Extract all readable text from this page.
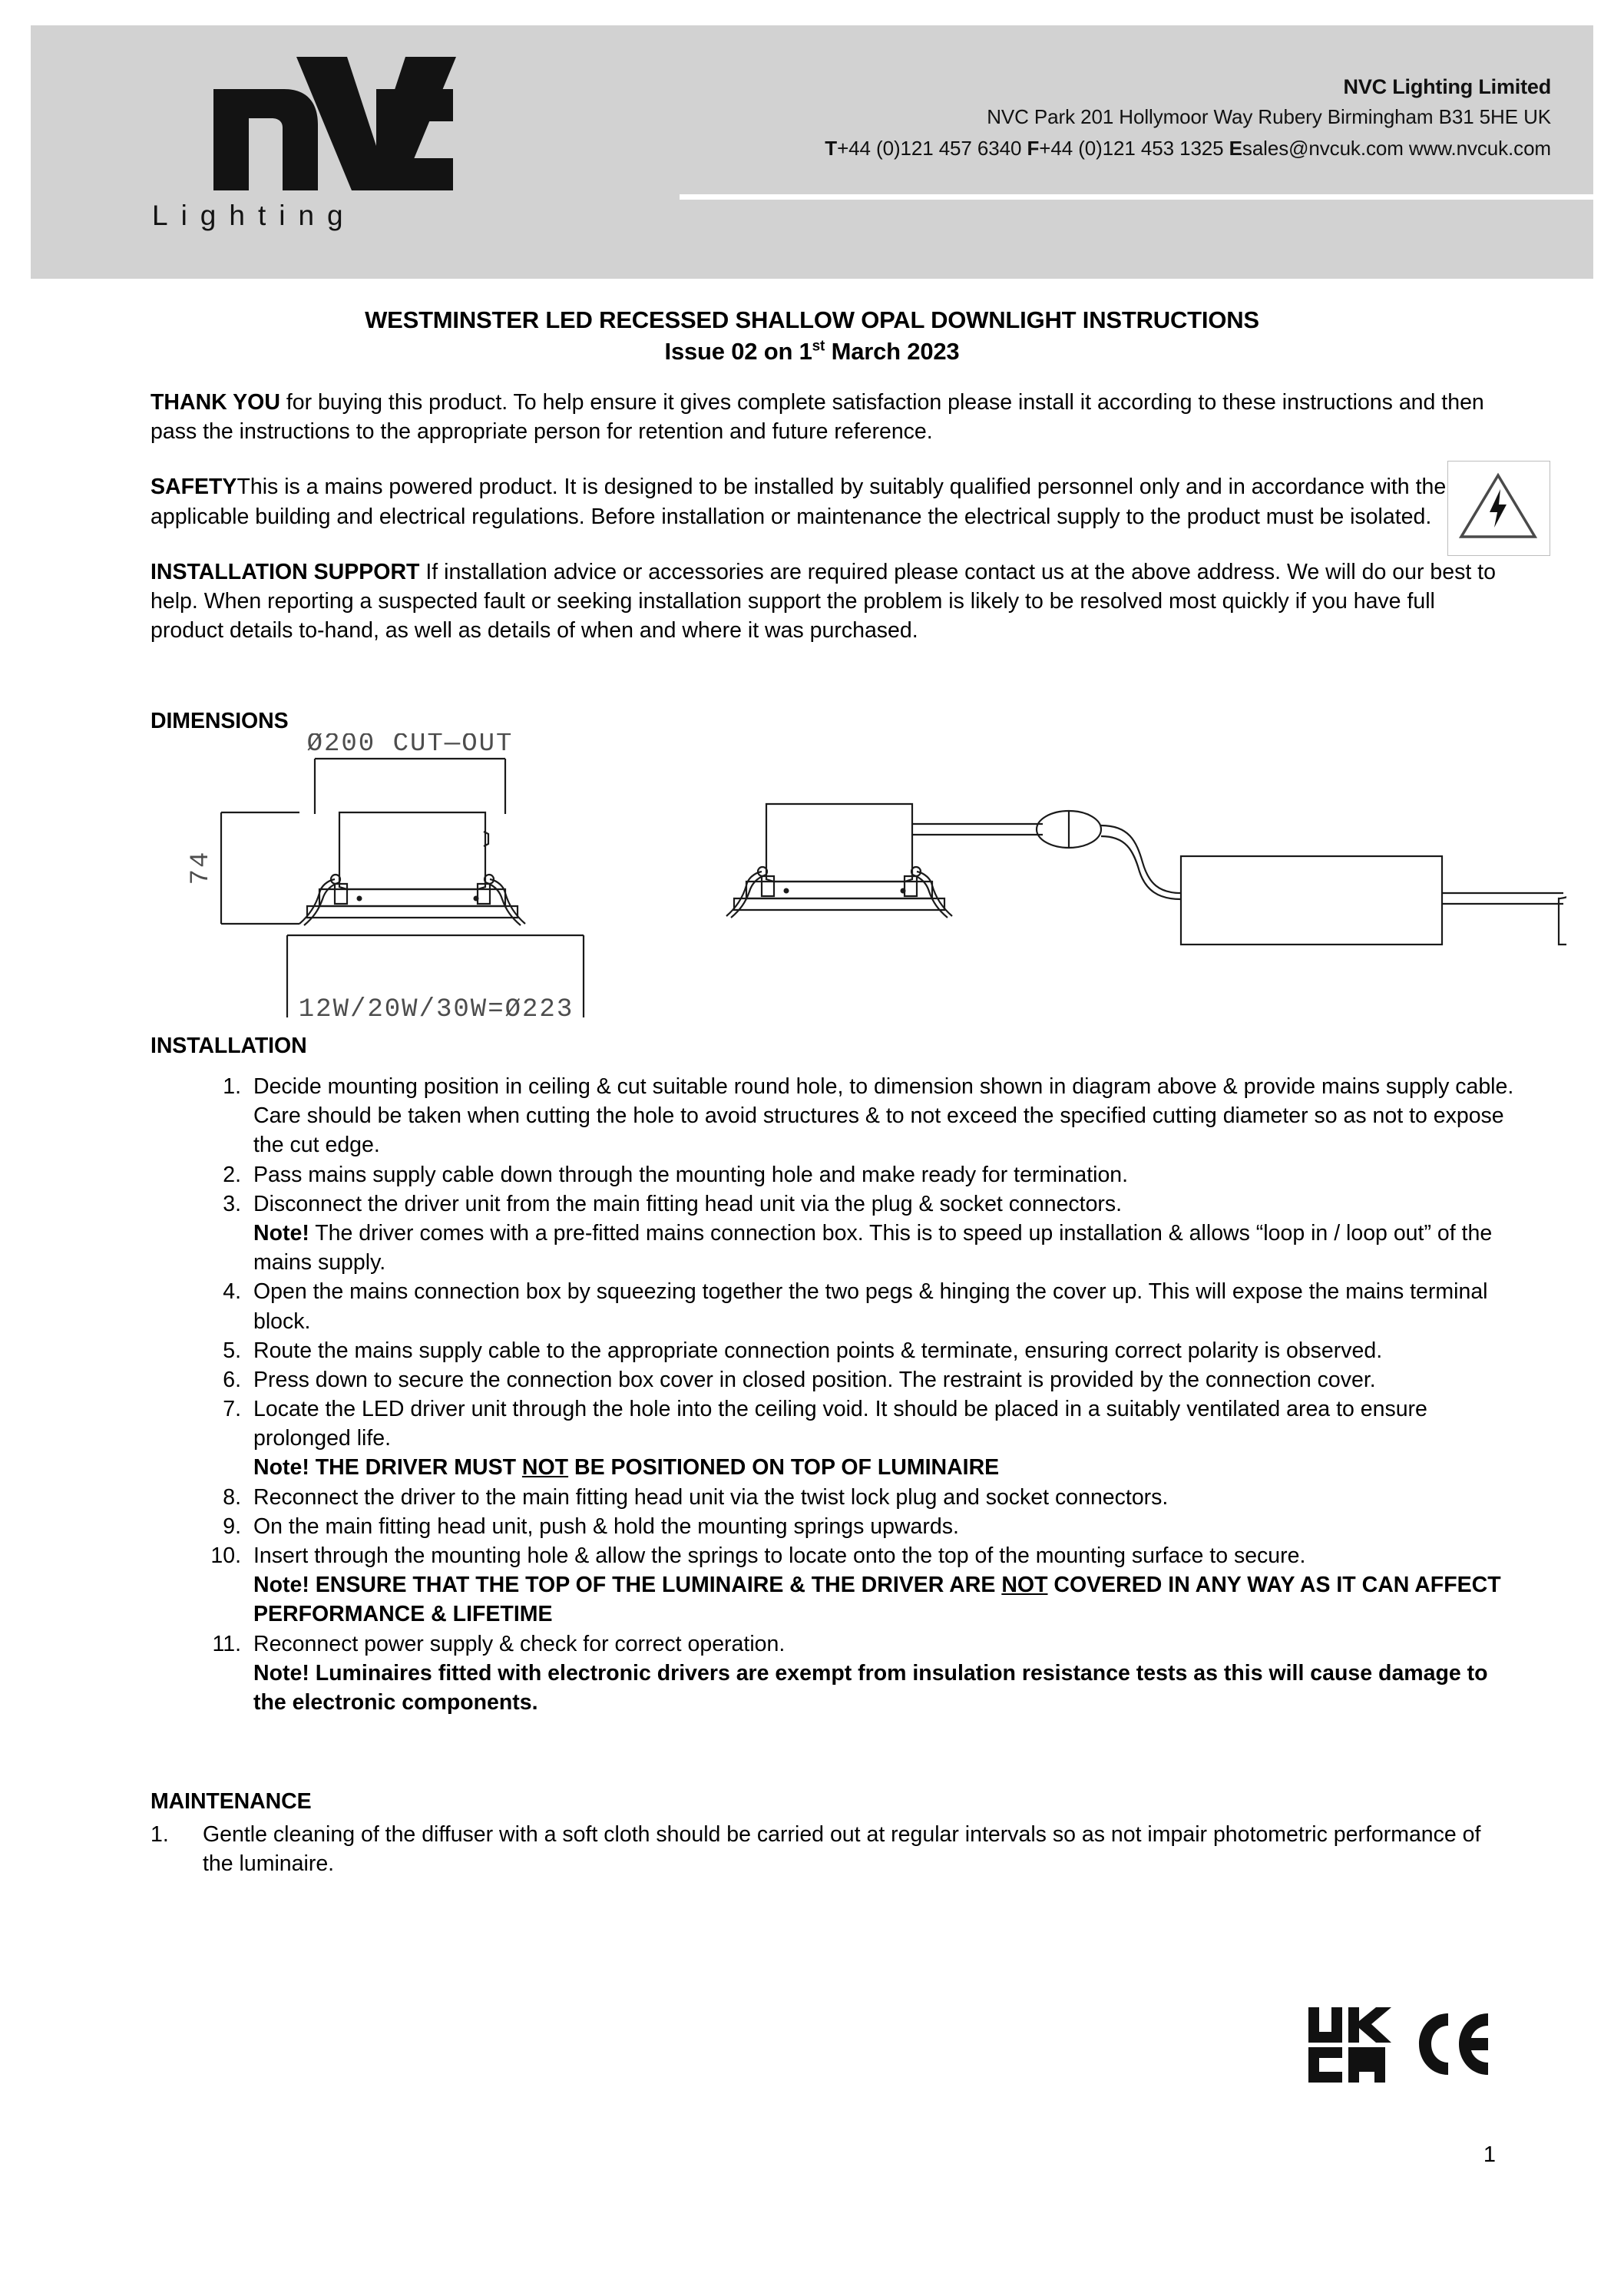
Lighting
NVC Lighting Limited
NVC Park 201 Hollymoor Way Rubery Birmingham B31 5HE UK
T+44 (0)121 457 6340 F+44 (0)121 453 1325 Esales@nvcuk.com www.nvcuk.com
WESTMINSTER LED RECESSED SHALLOW OPAL DOWNLIGHT INSTRUCTIONS
Issue 02 on 1st March 2023

THANK YOU for buying this product. To help ensure it gives complete satisfaction please install it according to these instructions and then pass the instructions to the appropriate person for retention and future reference.

SAFETYThis is a mains powered product. It is designed to be installed by suitably qualified personnel only and in accordance with the applicable building and electrical regulations. Before installation or maintenance the electrical supply to the product must be isolated.

INSTALLATION SUPPORT If installation advice or accessories are required please contact us at the above address. We will do our best to help. When reporting a suspected fault or seeking installation support the problem is likely to be resolved most quickly if you have full product details to-hand, as well as details of when and where it was purchased.

DIMENSIONS
Ø200 CUT—OUT
74
12W/20W/30W=Ø223
INSTALLATION
1. Decide mounting position in ceiling & cut suitable round hole, to dimension shown in diagram above & provide mains supply cable. Care should be taken when cutting the hole to avoid structures & to not exceed the specified cutting diameter so as not to expose the cut edge.
2. Pass mains supply cable down through the mounting hole and make ready for termination.
3. Disconnect the driver unit from the main fitting head unit via the plug & socket connectors.
Note! The driver comes with a pre-fitted mains connection box. This is to speed up installation & allows “loop in / loop out” of the mains supply.
4. Open the mains connection box by squeezing together the two pegs & hinging the cover up. This will expose the mains terminal block.
5. Route the mains supply cable to the appropriate connection points & terminate, ensuring correct polarity is observed.
6. Press down to secure the connection box cover in closed position. The restraint is provided by the connection cover.
7. Locate the LED driver unit through the hole into the ceiling void. It should be placed in a suitably ventilated area to ensure prolonged life.
Note! THE DRIVER MUST NOT BE POSITIONED ON TOP OF LUMINAIRE
8. Reconnect the driver to the main fitting head unit via the twist lock plug and socket connectors.
9. On the main fitting head unit, push & hold the mounting springs upwards.
10. Insert through the mounting hole & allow the springs to locate onto the top of the mounting surface to secure.
Note! ENSURE THAT THE TOP OF THE LUMINAIRE & THE DRIVER ARE NOT COVERED IN ANY WAY AS IT CAN AFFECT PERFORMANCE & LIFETIME
11. Reconnect power supply & check for correct operation.
Note! Luminaires fitted with electronic drivers are exempt from insulation resistance tests as this will cause damage to the electronic components.
MAINTENANCE
1.	Gentle cleaning of the diffuser with a soft cloth should be carried out at regular intervals so as not impair photometric performance of the luminaire.
1
